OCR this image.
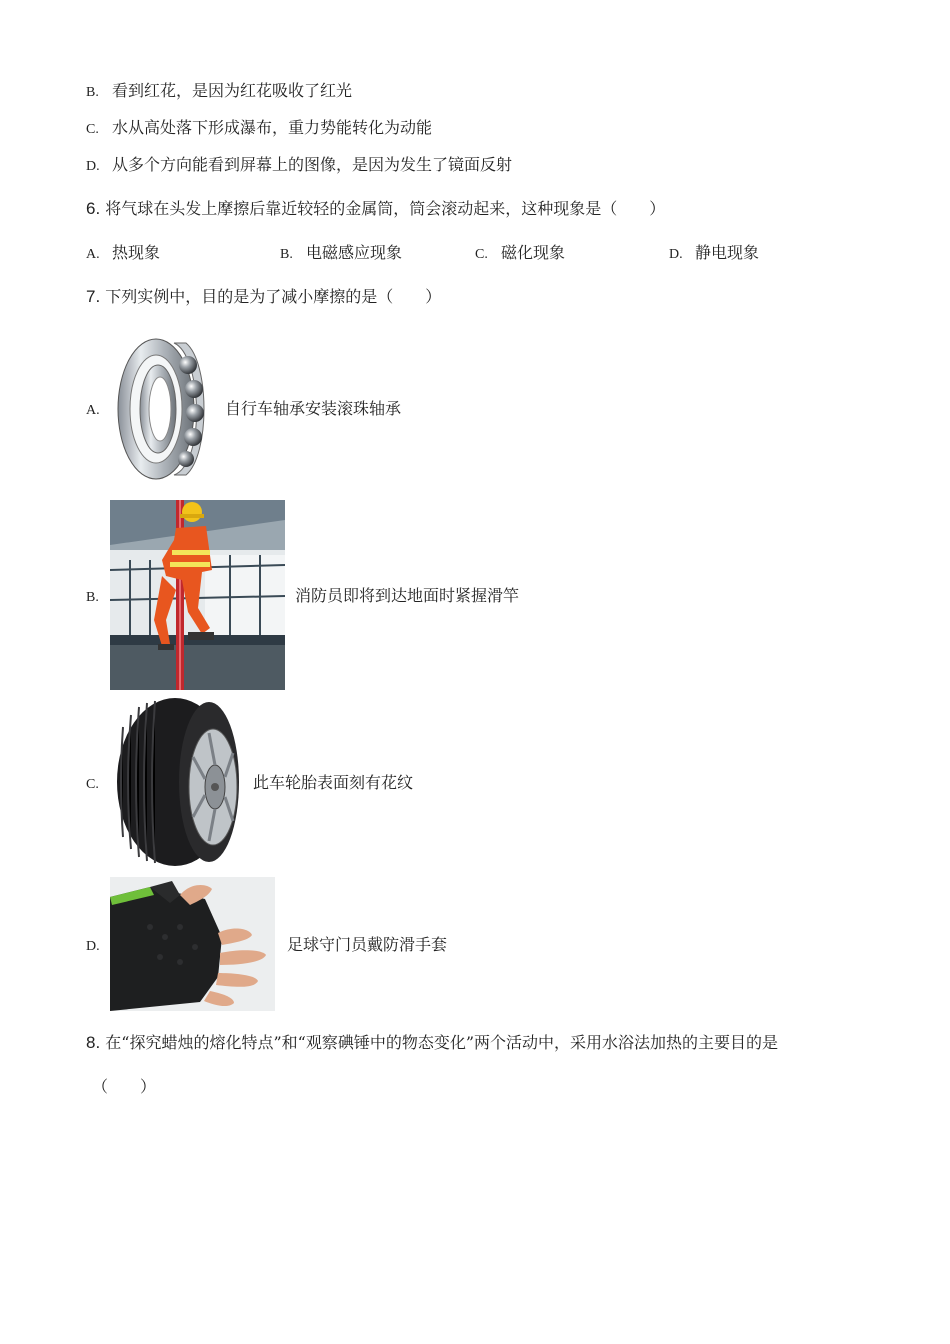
B. 看到红花，是因为红花吸收了红光
C. 水从高处落下形成瀑布，重力势能转化为动能
D. 从多个方向能看到屏幕上的图像，是因为发生了镜面反射
6. 将气球在头发上摩擦后靠近较轻的金属筒，筒会滚动起来，这种现象是（　　）
A. 热现象	B. 电磁感应现象	C. 磁化现象	D. 静电现象
7. 下列实例中，目的是为了减小摩擦的是（　　）
A.	自行车轴承安装滚珠轴承
B.	消防员即将到达地面时紧握滑竿
C.	此车轮胎表面刻有花纹
D.	足球守门员戴防滑手套
8. 在“探究蜡烛的熔化特点”和“观察碘锤中的物态变化”两个活动中，采用水浴法加热的主要目的是
（　　）
